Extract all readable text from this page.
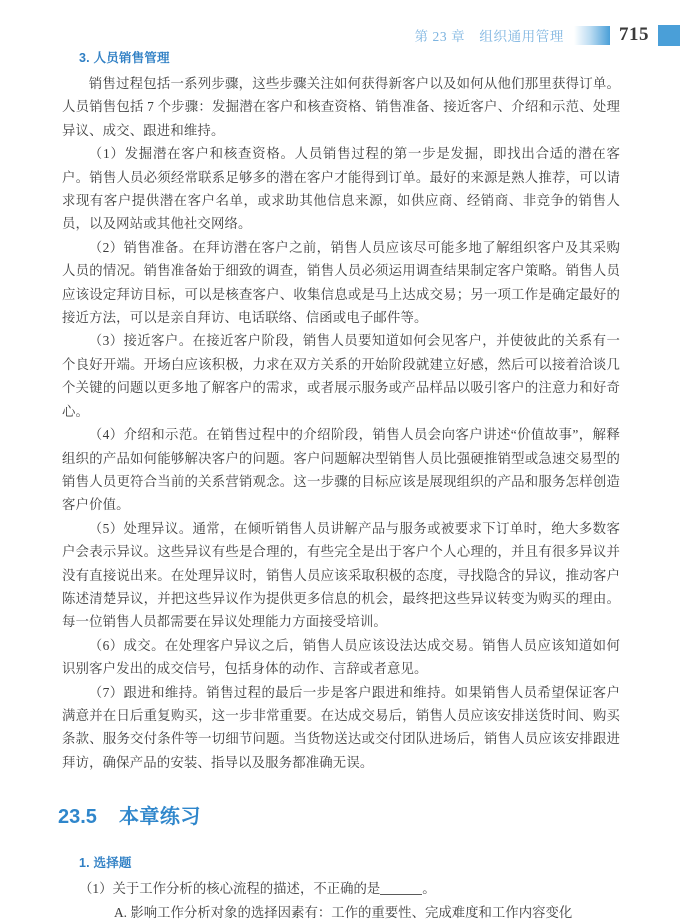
第 23 章　组织通用管理	715
3. 人员销售管理

销售过程包括一系列步骤，这些步骤关注如何获得新客户以及如何从他们那里获得订单。人员销售包括 7 个步骤：发掘潜在客户和核查资格、销售准备、接近客户、介绍和示范、处理异议、成交、跟进和维持。

（1）发掘潜在客户和核查资格。人员销售过程的第一步是发掘，即找出合适的潜在客户。销售人员必须经常联系足够多的潜在客户才能得到订单。最好的来源是熟人推荐，可以请求现有客户提供潜在客户名单，或求助其他信息来源，如供应商、经销商、非竞争的销售人员，以及网站或其他社交网络。

（2）销售准备。在拜访潜在客户之前，销售人员应该尽可能多地了解组织客户及其采购人员的情况。销售准备始于细致的调查，销售人员必须运用调查结果制定客户策略。销售人员应该设定拜访目标，可以是核查客户、收集信息或是马上达成交易；另一项工作是确定最好的接近方法，可以是亲自拜访、电话联络、信函或电子邮件等。

（3）接近客户。在接近客户阶段，销售人员要知道如何会见客户，并使彼此的关系有一个良好开端。开场白应该积极，力求在双方关系的开始阶段就建立好感，然后可以接着洽谈几个关键的问题以更多地了解客户的需求，或者展示服务或产品样品以吸引客户的注意力和好奇心。

（4）介绍和示范。在销售过程中的介绍阶段，销售人员会向客户讲述“价值故事”，解释组织的产品如何能够解决客户的问题。客户问题解决型销售人员比强硬推销型或急速交易型的销售人员更符合当前的关系营销观念。这一步骤的目标应该是展现组织的产品和服务怎样创造客户价值。

（5）处理异议。通常，在倾听销售人员讲解产品与服务或被要求下订单时，绝大多数客户会表示异议。这些异议有些是合理的，有些完全是出于客户个人心理的，并且有很多异议并没有直接说出来。在处理异议时，销售人员应该采取积极的态度，寻找隐含的异议，推动客户陈述清楚异议，并把这些异议作为提供更多信息的机会，最终把这些异议转变为购买的理由。每一位销售人员都需要在异议处理能力方面接受培训。

（6）成交。在处理客户异议之后，销售人员应该设法达成交易。销售人员应该知道如何识别客户发出的成交信号，包括身体的动作、言辞或者意见。

（7）跟进和维持。销售过程的最后一步是客户跟进和维持。如果销售人员希望保证客户满意并在日后重复购买，这一步非常重要。在达成交易后，销售人员应该安排送货时间、购买条款、服务交付条件等一切细节问题。当货物送达或交付团队进场后，销售人员应该安排跟进拜访，确保产品的安装、指导以及服务都准确无误。

23.5 本章练习
1. 选择题

（1）关于工作分析的核心流程的描述，不正确的是	。

A. 影响工作分析对象的选择因素有：工作的重要性、完成难度和工作内容变化
